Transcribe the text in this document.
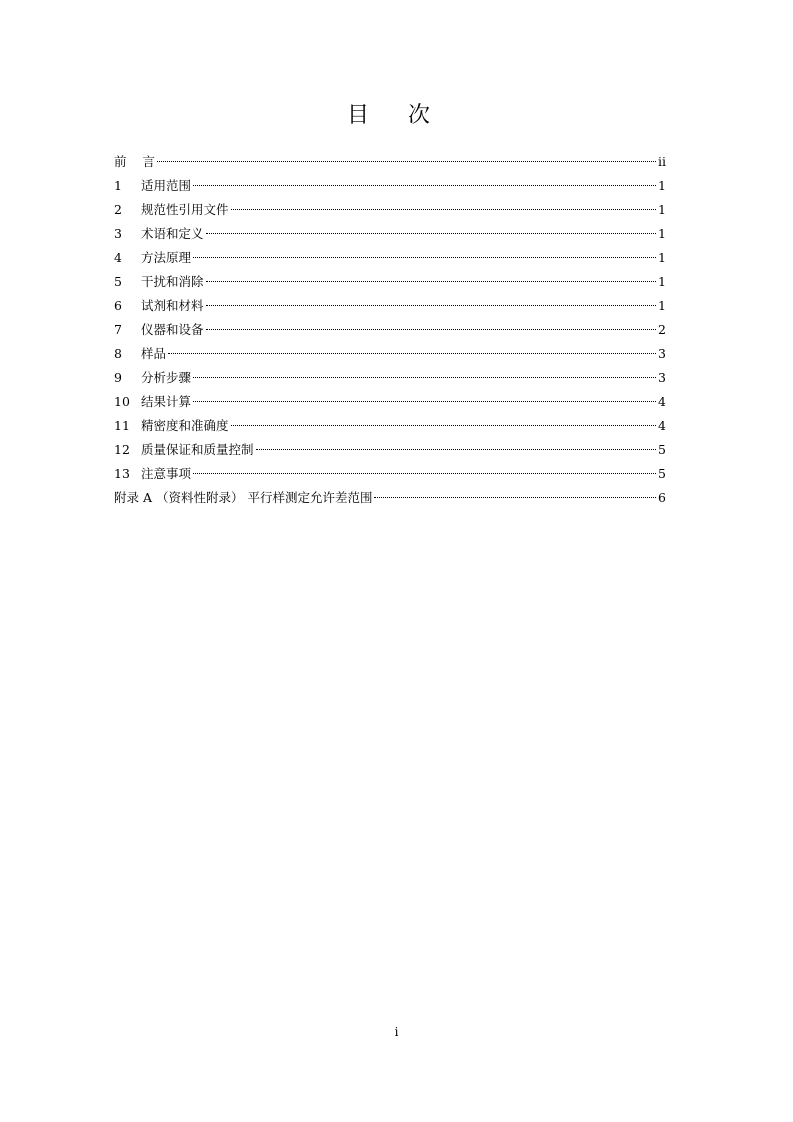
目 次
前    言	ii
1	适用范围	1
2	规范性引用文件	1
3	术语和定义	1
4	方法原理	1
5	干扰和消除	1
6	试剂和材料	1
7	仪器和设备	2
8	样品	3
9	分析步骤	3
10 结果计算	4
11 精密度和准确度	4
12 质量保证和质量控制	5
13 注意事项	5
附录 A （资料性附录） 平行样测定允许差范围	6
i
